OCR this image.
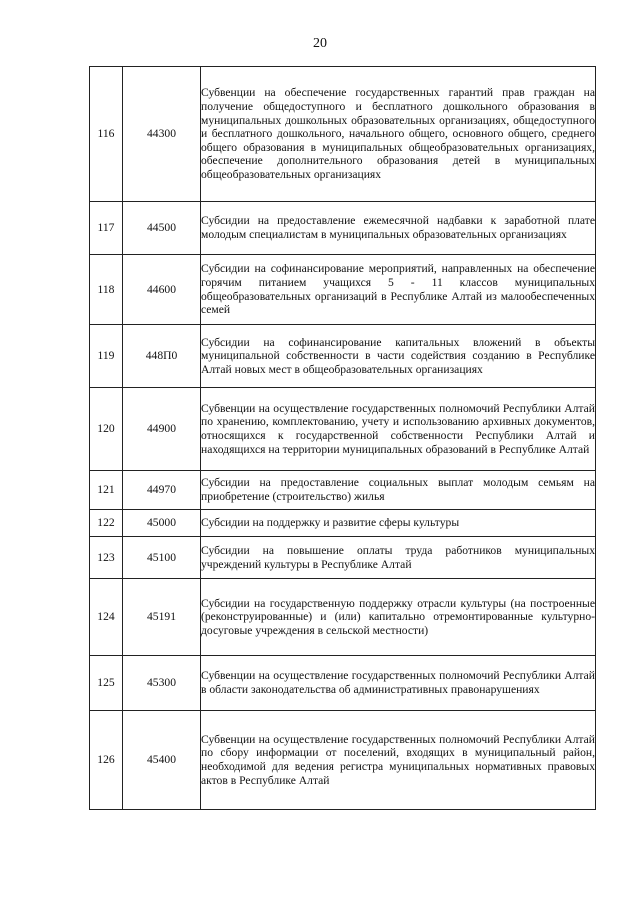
20
116	44300	Субвенции на обеспечение государственных гарантий прав граждан на получение общедоступного и бесплатного дошкольного образования в муниципальных дошкольных образовательных организациях, общедоступного и бесплатного дошкольного, начального общего, основного общего, среднего общего образования в муниципальных общеобразовательных организациях, обеспечение дополнительного образования детей в муниципальных общеобразовательных организациях
117	44500	Субсидии на предоставление ежемесячной надбавки к заработной плате молодым специалистам в муниципальных образовательных организациях
118	44600	Субсидии на софинансирование мероприятий, направленных на обеспечение горячим питанием учащихся 5 - 11 классов муниципальных общеобразовательных организаций в Республике Алтай из малообеспеченных семей
119	448П0	Субсидии на софинансирование капитальных вложений в объекты муниципальной собственности в части содействия созданию в Республике Алтай новых мест в общеобразовательных организациях
120	44900	Субвенции на осуществление государственных полномочий Республики Алтай по хранению, комплектованию, учету и использованию архивных документов, относящихся к государственной собственности Республики Алтай и находящихся на территории муниципальных образований в Республике Алтай
121	44970	Субсидии на предоставление социальных выплат молодым семьям на приобретение (строительство) жилья
122	45000	Субсидии на поддержку и развитие сферы культуры
123	45100	Субсидии на повышение оплаты труда работников муниципальных учреждений культуры в Республике Алтай
124	45191	Субсидии на государственную поддержку отрасли культуры (на построенные (реконструированные) и (или) капитально отремонтированные культурно-досуговые учреждения в сельской местности)
125	45300	Субвенции на осуществление государственных полномочий Республики Алтай в области законодательства об административных правонарушениях
126	45400	Субвенции на осуществление государственных полномочий Республики Алтай по сбору информации от поселений, входящих в муниципальный район, необходимой для ведения регистра муниципальных нормативных правовых актов в Республике Алтай
